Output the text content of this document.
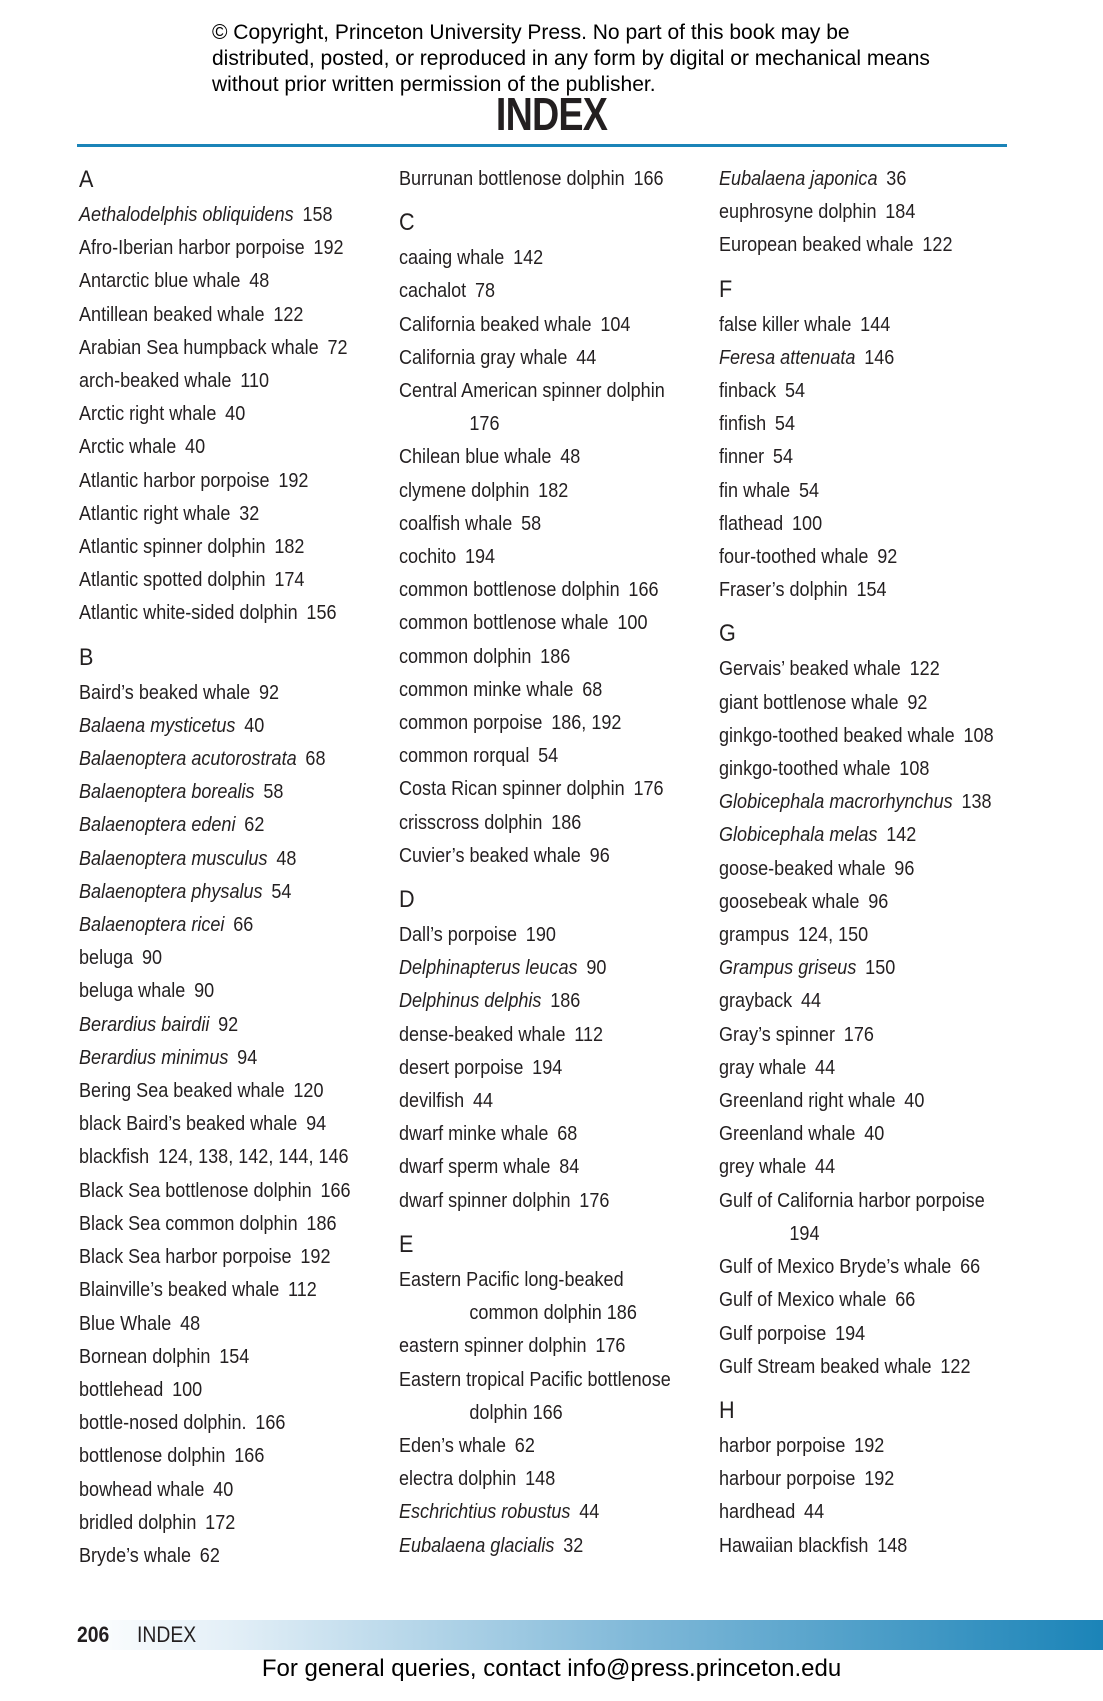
© Copyright, Princeton University Press. No part of this book may be distributed, posted, or reproduced in any form by digital or mechanical means without prior written permission of the publisher.
INDEX
A
Aethalodelphis obliquidens 158
Afro-Iberian harbor porpoise 192
Antarctic blue whale 48
Antillean beaked whale 122
Arabian Sea humpback whale 72
arch-beaked whale 110
Arctic right whale 40
Arctic whale 40
Atlantic harbor porpoise 192
Atlantic right whale 32
Atlantic spinner dolphin 182
Atlantic spotted dolphin 174
Atlantic white-sided dolphin 156
B
Baird’s beaked whale 92
Balaena mysticetus 40
Balaenoptera acutorostrata 68
Balaenoptera borealis 58
Balaenoptera edeni 62
Balaenoptera musculus 48
Balaenoptera physalus 54
Balaenoptera ricei 66
beluga 90
beluga whale 90
Berardius bairdii 92
Berardius minimus 94
Bering Sea beaked whale 120
black Baird’s beaked whale 94
blackfish 124, 138, 142, 144, 146
Black Sea bottlenose dolphin 166
Black Sea common dolphin 186
Black Sea harbor porpoise 192
Blainville’s beaked whale 112
Blue Whale 48
Bornean dolphin 154
bottlehead 100
bottle-nosed dolphin. 166
bottlenose dolphin 166
bowhead whale 40
bridled dolphin 172
Bryde’s whale 62
Burrunan bottlenose dolphin 166
C
caaing whale 142
cachalot 78
California beaked whale 104
California gray whale 44
Central American spinner dolphin
176
Chilean blue whale 48
clymene dolphin 182
coalfish whale 58
cochito 194
common bottlenose dolphin 166
common bottlenose whale 100
common dolphin 186
common minke whale 68
common porpoise 186, 192
common rorqual 54
Costa Rican spinner dolphin 176
crisscross dolphin 186
Cuvier’s beaked whale 96
D
Dall’s porpoise 190
Delphinapterus leucas 90
Delphinus delphis 186
dense-beaked whale 112
desert porpoise 194
devilfish 44
dwarf minke whale 68
dwarf sperm whale 84
dwarf spinner dolphin 176
E
Eastern Pacific long-beaked
common dolphin 186
eastern spinner dolphin 176
Eastern tropical Pacific bottlenose
dolphin 166
Eden’s whale 62
electra dolphin 148
Eschrichtius robustus 44
Eubalaena glacialis 32
Eubalaena japonica 36
euphrosyne dolphin 184
European beaked whale 122
F
false killer whale 144
Feresa attenuata 146
finback 54
finfish 54
finner 54
fin whale 54
flathead 100
four-toothed whale 92
Fraser’s dolphin 154
G
Gervais’ beaked whale 122
giant bottlenose whale 92
ginkgo-toothed beaked whale 108
ginkgo-toothed whale 108
Globicephala macrorhynchus 138
Globicephala melas 142
goose-beaked whale 96
goosebeak whale 96
grampus 124, 150
Grampus griseus 150
grayback 44
Gray’s spinner 176
gray whale 44
Greenland right whale 40
Greenland whale 40
grey whale 44
Gulf of California harbor porpoise
194
Gulf of Mexico Bryde’s whale 66
Gulf of Mexico whale 66
Gulf porpoise 194
Gulf Stream beaked whale 122
H
harbor porpoise 192
harbour porpoise 192
hardhead 44
Hawaiian blackfish 148
206 INDEX
For general queries, contact info@press.princeton.edu
